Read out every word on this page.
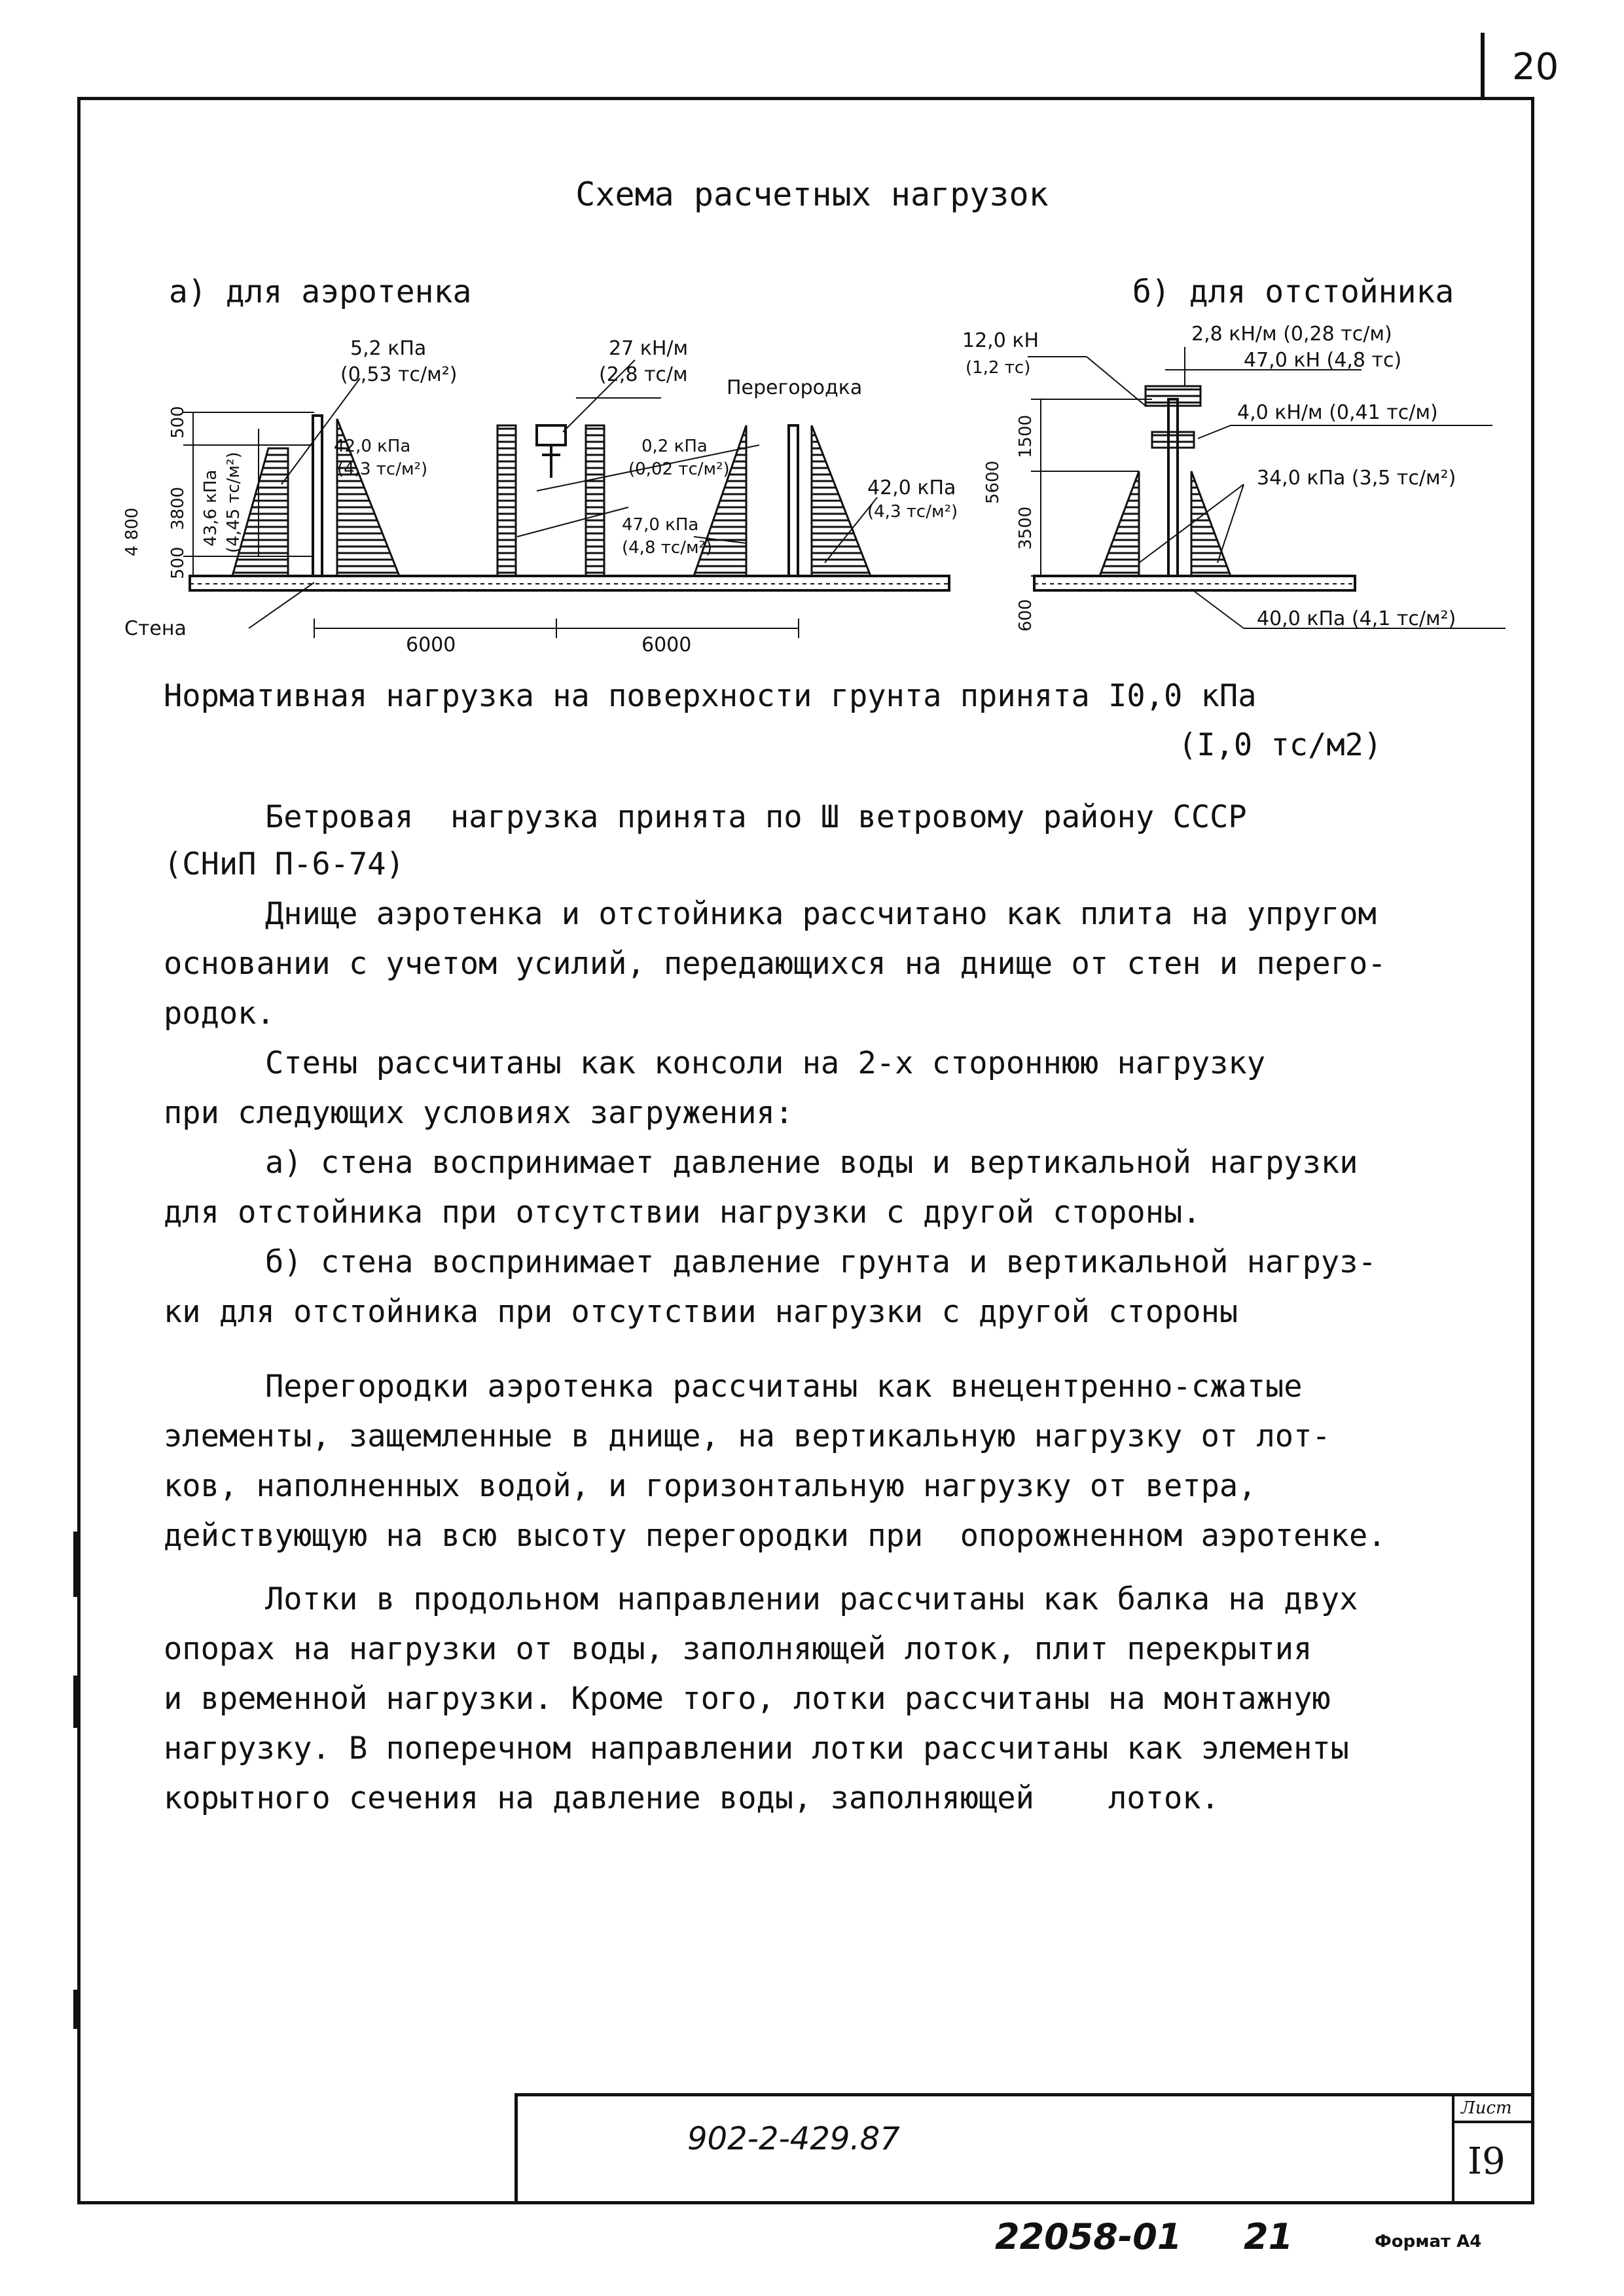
20
Схема расчетных нагрузок
а) для аэротенка	б) для отстойника
5,2 кПа
(0,53 тс/м²)
27 кН/м
(2,8 тс/м
Перегородка
42,0 кПа
(4,3 тс/м²)
0,2 кПа
(0,02 тс/м²)
42,0 кПа
(4,3 тс/м²)
47,0 кПа
(4,8 тс/м²)
43,6 кПа (4,45 тс/м²)
500
4 800 3800
500
6000	6000
Стена
12,0 кН
(1,2 тс)
2,8 кН/м (0,28 тс/м)
47,0 кН (4,8 тс)
4,0 кН/м (0,41 тс/м)
34,0 кПа (3,5 тс/м²)
40,0 кПа (4,1 тс/м²)
5600
1500
3500
600
Нормативная нагрузка на поверхности грунта принята I0,0 кПа
(I,0 тс/м2)
Бетровая  нагрузка принята по Ш ветровому району СССР
(СНиП П-6-74)
Днище аэротенка и отстойника рассчитано как плита на упругом
основании с учетом усилий, передающихся на днище от стен и перего-
родок.
Стены рассчитаны как консоли на 2-х стороннюю нагрузку
при следующих условиях загружения:
а) стена воспринимает давление воды и вертикальной нагрузки
для отстойника при отсутствии нагрузки с другой стороны.
б) стена воспринимает давление грунта и вертикальной нагруз-
ки для отстойника при отсутствии нагрузки с другой стороны
Перегородки аэротенка рассчитаны как внецентренно-сжатые
элементы, защемленные в днище, на вертикальную нагрузку от лот-
ков, наполненных водой, и горизонтальную нагрузку от ветра,
действующую на всю высоту перегородки при  опорожненном аэротенке.
Лотки в продольном направлении рассчитаны как балка на двух
опорах на нагрузки от воды, заполняющей лоток, плит перекрытия
и временной нагрузки. Кроме того, лотки рассчитаны на монтажную
нагрузку. В поперечном направлении лотки рассчитаны как элементы
корытного сечения на давление воды, заполняющей    лоток.
902-2-429.87
Лист
I9
22058-01 21	Формат А4
